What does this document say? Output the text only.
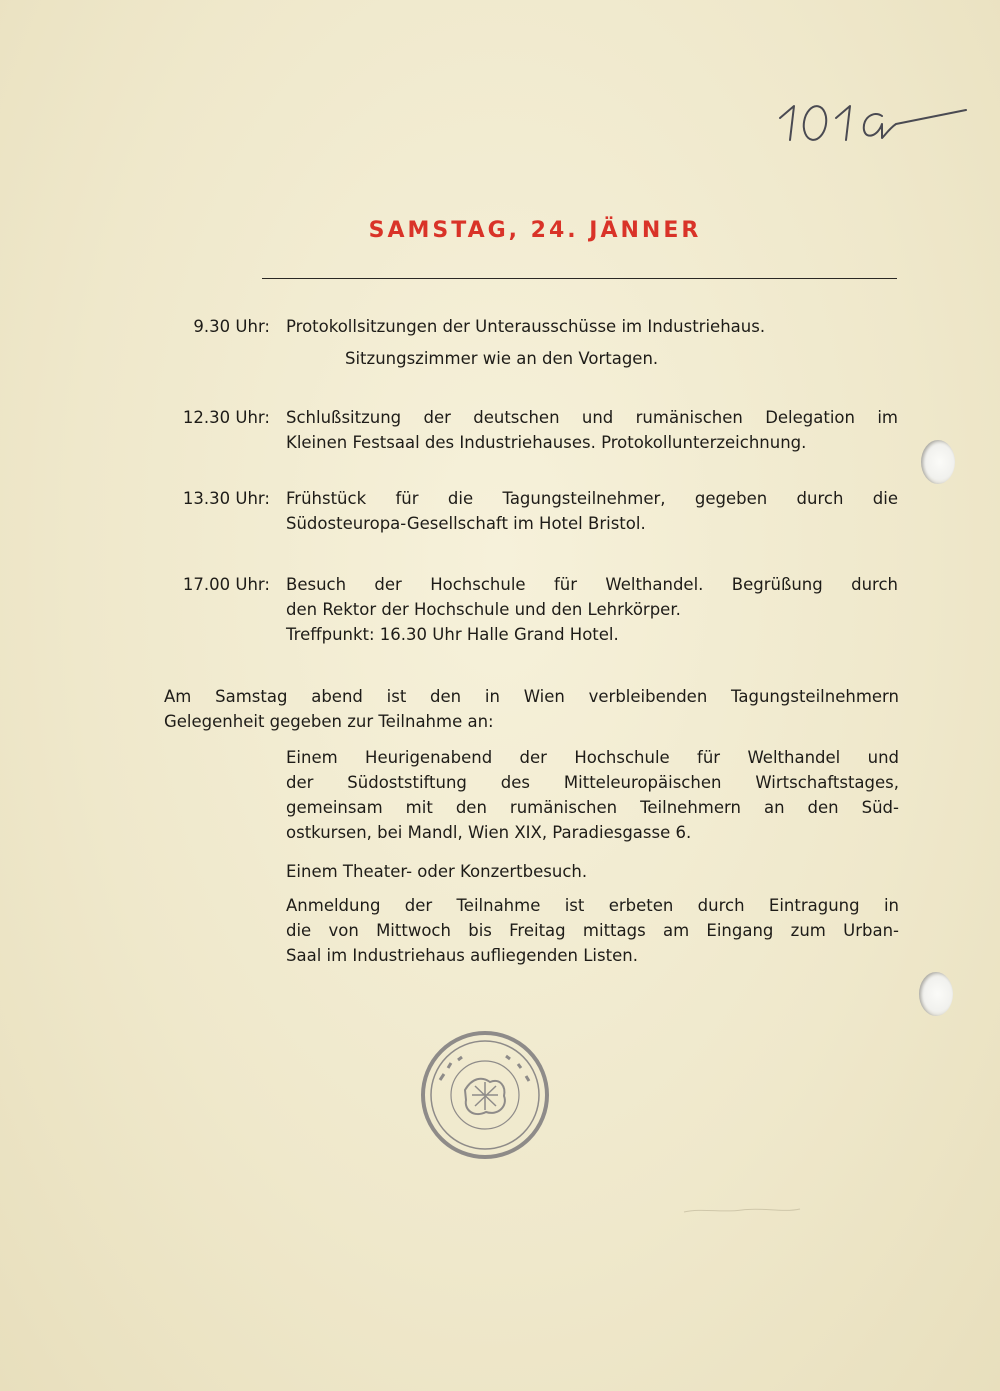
SAMSTAG, 24. JÄNNER
9.30 Uhr: Protokollsitzungen der Unterausschüsse im Industriehaus.
Sitzungszimmer wie an den Vortagen.
12.30 Uhr: Schlußsitzung der deutschen und rumänischen Delegation im
Kleinen Festsaal des Industriehauses. Protokollunterzeichnung.
13.30 Uhr: Frühstück für die Tagungsteilnehmer, gegeben durch die
Südosteuropa-Gesellschaft im Hotel Bristol.
17.00 Uhr: Besuch der Hochschule für Welthandel. Begrüßung durch
den Rektor der Hochschule und den Lehrkörper.
Treffpunkt: 16.30 Uhr Halle Grand Hotel.
Am Samstag abend ist den in Wien verbleibenden Tagungsteilnehmern
Gelegenheit gegeben zur Teilnahme an:
Einem Heurigenabend der Hochschule für Welthandel und
der Südoststiftung des Mitteleuropäischen Wirtschaftstages,
gemeinsam mit den rumänischen Teilnehmern an den Süd-
ostkursen, bei Mandl, Wien XIX, Paradiesgasse 6.
Einem Theater- oder Konzertbesuch.
Anmeldung der Teilnahme ist erbeten durch Eintragung in
die von Mittwoch bis Freitag mittags am Eingang zum Urban-
Saal im Industriehaus aufliegenden Listen.
